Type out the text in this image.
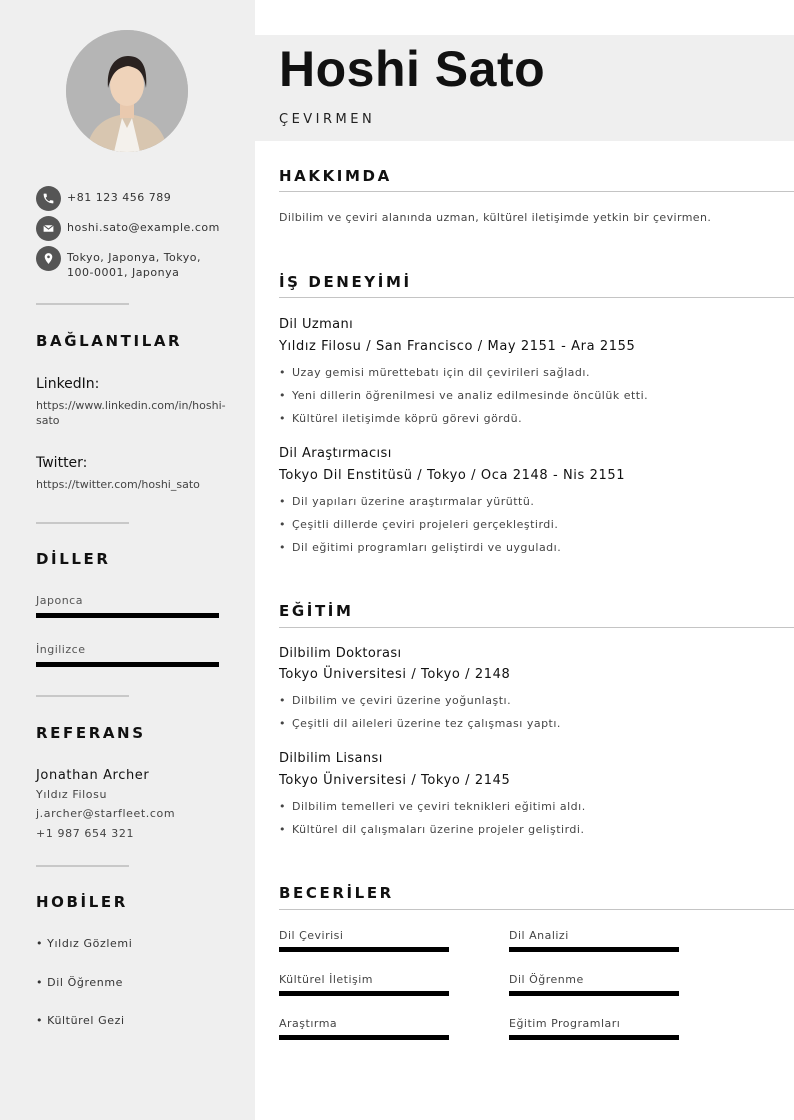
+81 123 456 789
hoshi.sato@example.com
Tokyo, Japonya, Tokyo,
100-0001, Japonya
BAĞLANTILAR
LinkedIn:
https://www.linkedin.com/in/hoshi-
sato
Twitter:
https://twitter.com/hoshi_sato
DİLLER
Japonca
İngilizce
REFERANS
Jonathan Archer
Yıldız Filosu
j.archer@starfleet.com
+1 987 654 321
HOBİLER
• Yıldız Gözlemi
• Dil Öğrenme
• Kültürel Gezi
Hoshi Sato
ÇEVIRMEN
HAKKIMDA
Dilbilim ve çeviri alanında uzman, kültürel iletişimde yetkin bir çevirmen.
İŞ DENEYİMİ
Dil Uzmanı
Yıldız Filosu / San Francisco / May 2151 - Ara 2155
• Uzay gemisi mürettebatı için dil çevirileri sağladı.
• Yeni dillerin öğrenilmesi ve analiz edilmesinde öncülük etti.
• Kültürel iletişimde köprü görevi gördü.
Dil Araştırmacısı
Tokyo Dil Enstitüsü / Tokyo / Oca 2148 - Nis 2151
• Dil yapıları üzerine araştırmalar yürüttü.
• Çeşitli dillerde çeviri projeleri gerçekleştirdi.
• Dil eğitimi programları geliştirdi ve uyguladı.
EĞİTİM
Dilbilim Doktorası
Tokyo Üniversitesi / Tokyo / 2148
• Dilbilim ve çeviri üzerine yoğunlaştı.
• Çeşitli dil aileleri üzerine tez çalışması yaptı.
Dilbilim Lisansı
Tokyo Üniversitesi / Tokyo / 2145
• Dilbilim temelleri ve çeviri teknikleri eğitimi aldı.
• Kültürel dil çalışmaları üzerine projeler geliştirdi.
BECERİLER
Dil Çevirisi	Dil Analizi
Kültürel İletişim	Dil Öğrenme
Araştırma	Eğitim Programları
